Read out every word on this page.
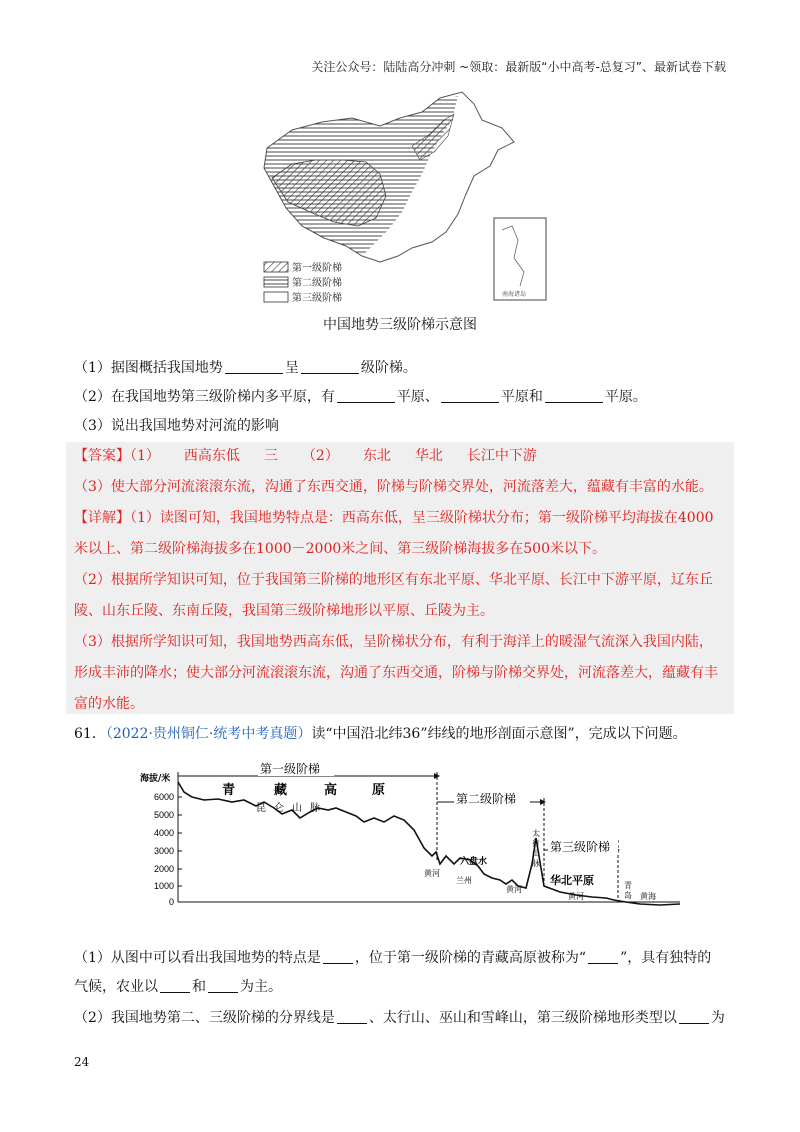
关注公众号：陆陆高分冲刺 ~领取：最新版“小中高考-总复习”、最新试卷下载
南海诸岛
第一级阶梯
第二级阶梯
第三级阶梯
中国地势三级阶梯示意图
（1）据图概括我国地势	呈	级阶梯。
（2）在我国地势第三级阶梯内多平原，有	平原、	平原和	平原。
（3）说出我国地势对河流的影响
【答案】（1） 西高东低 三 （2） 东北 华北 长江中下游
（3）使大部分河流滚滚东流，沟通了东西交通，阶梯与阶梯交界处，河流落差大，蕴藏有丰富的水能。
【详解】（1）读图可知，我国地势特点是：西高东低，呈三级阶梯状分布；第一级阶梯平均海拔在4000
米以上、第二级阶梯海拔多在1000－2000米之间、第三级阶梯海拔多在500米以下。
（2）根据所学知识可知，位于我国第三阶梯的地形区有东北平原、华北平原、长江中下游平原，辽东丘
陵、山东丘陵、东南丘陵，我国第三级阶梯地形以平原、丘陵为主。
（3）根据所学知识可知，我国地势西高东低，呈阶梯状分布，有利于海洋上的暖湿气流深入我国内陆，
形成丰沛的降水；使大部分河流滚滚东流，沟通了东西交通，阶梯与阶梯交界处，河流落差大，蕴藏有丰
富的水能。
61．（2022·贵州铜仁·统考中考真题）读“中国沿北纬36”纬线的地形剖面示意图”，完成以下问题。
海拔/米
6000
5000
4000
3000
2000
1000
0
第一级阶梯
第二级阶梯
第三级阶梯
青	藏	高	原
昆 仑 山 脉
太
行
山
脉
六盘水
兰州
黄河
黄河
华北平原
黄河
青
岛 黄海
（1）从图中可以看出我国地势的特点是 ，位于第一级阶梯的青藏高原被称为“ ”，具有独特的
气候，农业以 和 为主。
（2）我国地势第二、三级阶梯的分界线是 、太行山、巫山和雪峰山，第三级阶梯地形类型以 为
24
